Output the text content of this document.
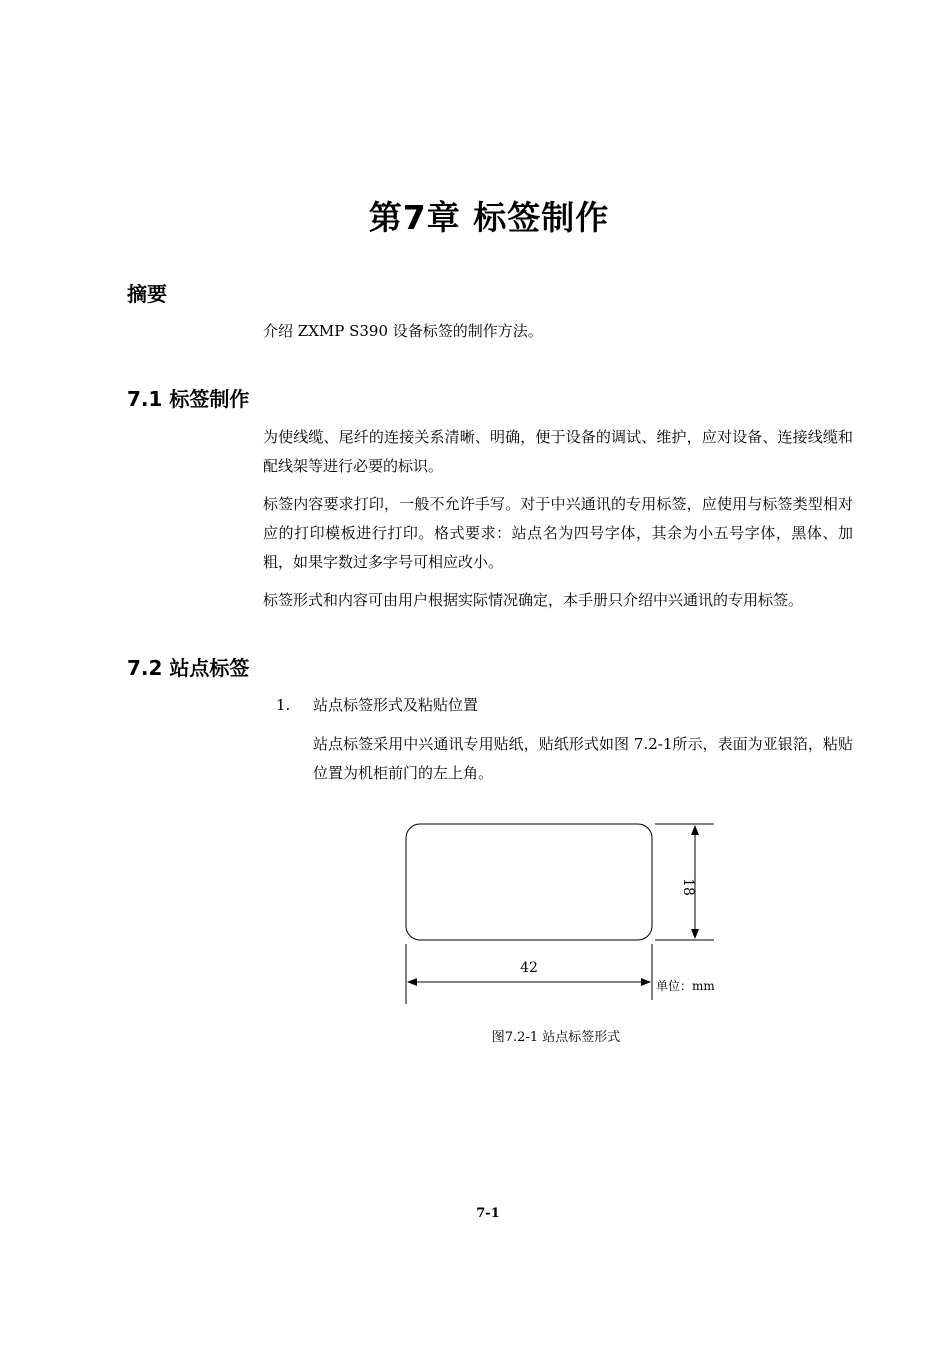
第7章 标签制作
摘要
介绍 ZXMP S390 设备标签的制作方法。
7.1 标签制作
为使线缆、尾纤的连接关系清晰、明确，便于设备的调试、维护，应对设备、连接线缆和配线架等进行必要的标识。
标签内容要求打印，一般不允许手写。对于中兴通讯的专用标签，应使用与标签类型相对应的打印模板进行打印。格式要求：站点名为四号字体，其余为小五号字体，黑体、加粗，如果字数过多字号可相应改小。
标签形式和内容可由用户根据实际情况确定，本手册只介绍中兴通讯的专用标签。
7.2 站点标签
1. 站点标签形式及粘贴位置
站点标签采用中兴通讯专用贴纸，贴纸形式如图 7.2-1所示，表面为亚银箔，粘贴位置为机柜前门的左上角。
18
42
单位：mm
图7.2-1 站点标签形式
7-1
